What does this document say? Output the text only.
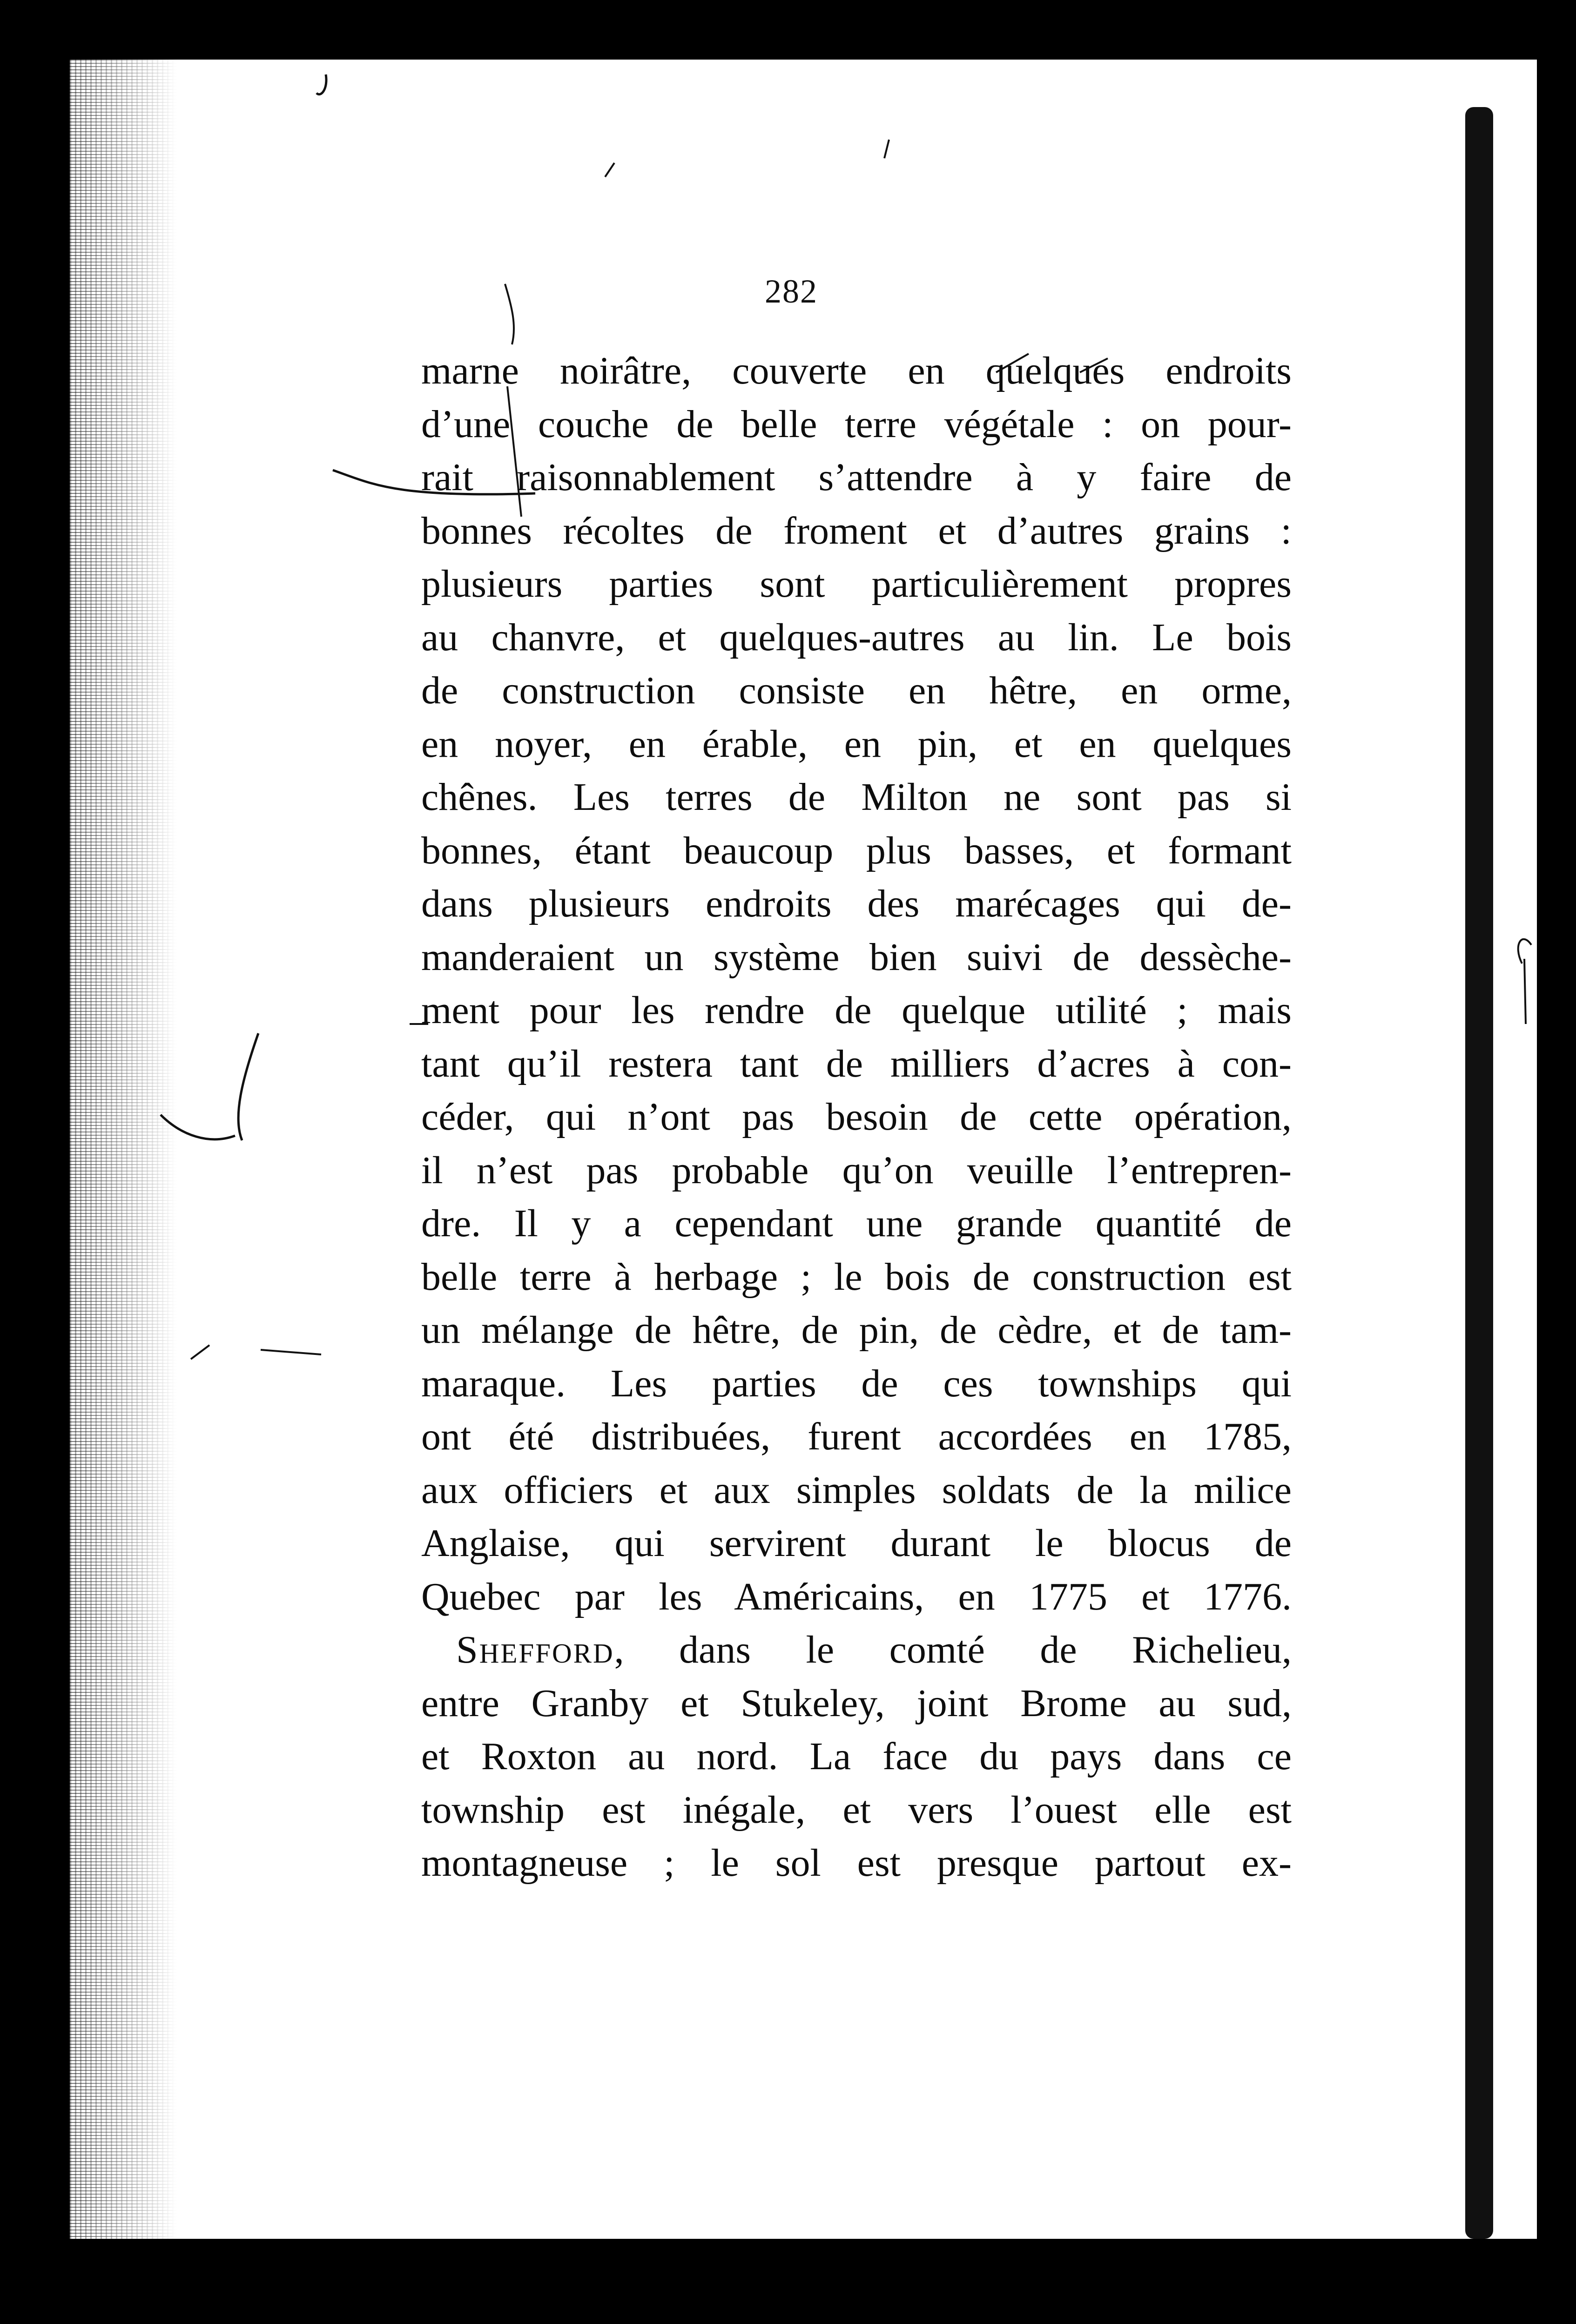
282
marne noirâtre, couverte en quelques endroits
d’une couche de belle terre végétale : on pour-
rait raisonnablement s’attendre à y faire de
bonnes récoltes de froment et d’autres grains :
plusieurs parties sont particulièrement propres
au chanvre, et quelques-autres au lin. Le bois
de construction consiste en hêtre, en orme,
en noyer, en érable, en pin, et en quelques
chênes. Les terres de Milton ne sont pas si
bonnes, étant beaucoup plus basses, et formant
dans plusieurs endroits des marécages qui de-
manderaient un système bien suivi de dessèche-
ment pour les rendre de quelque utilité ; mais
tant qu’il restera tant de milliers d’acres à con-
céder, qui n’ont pas besoin de cette opération,
il n’est pas probable qu’on veuille l’entrepren-
dre. Il y a cependant une grande quantité de
belle terre à herbage ; le bois de construction est
un mélange de hêtre, de pin, de cèdre, et de tam-
maraque. Les parties de ces townships qui
ont été distribuées, furent accordées en 1785,
aux officiers et aux simples soldats de la milice
Anglaise, qui servirent durant le blocus de
Quebec par les Américains, en 1775 et 1776.
Shefford, dans le comté de Richelieu,
entre Granby et Stukeley, joint Brome au sud,
et Roxton au nord. La face du pays dans ce
township est inégale, et vers l’ouest elle est
montagneuse ; le sol est presque partout ex-
